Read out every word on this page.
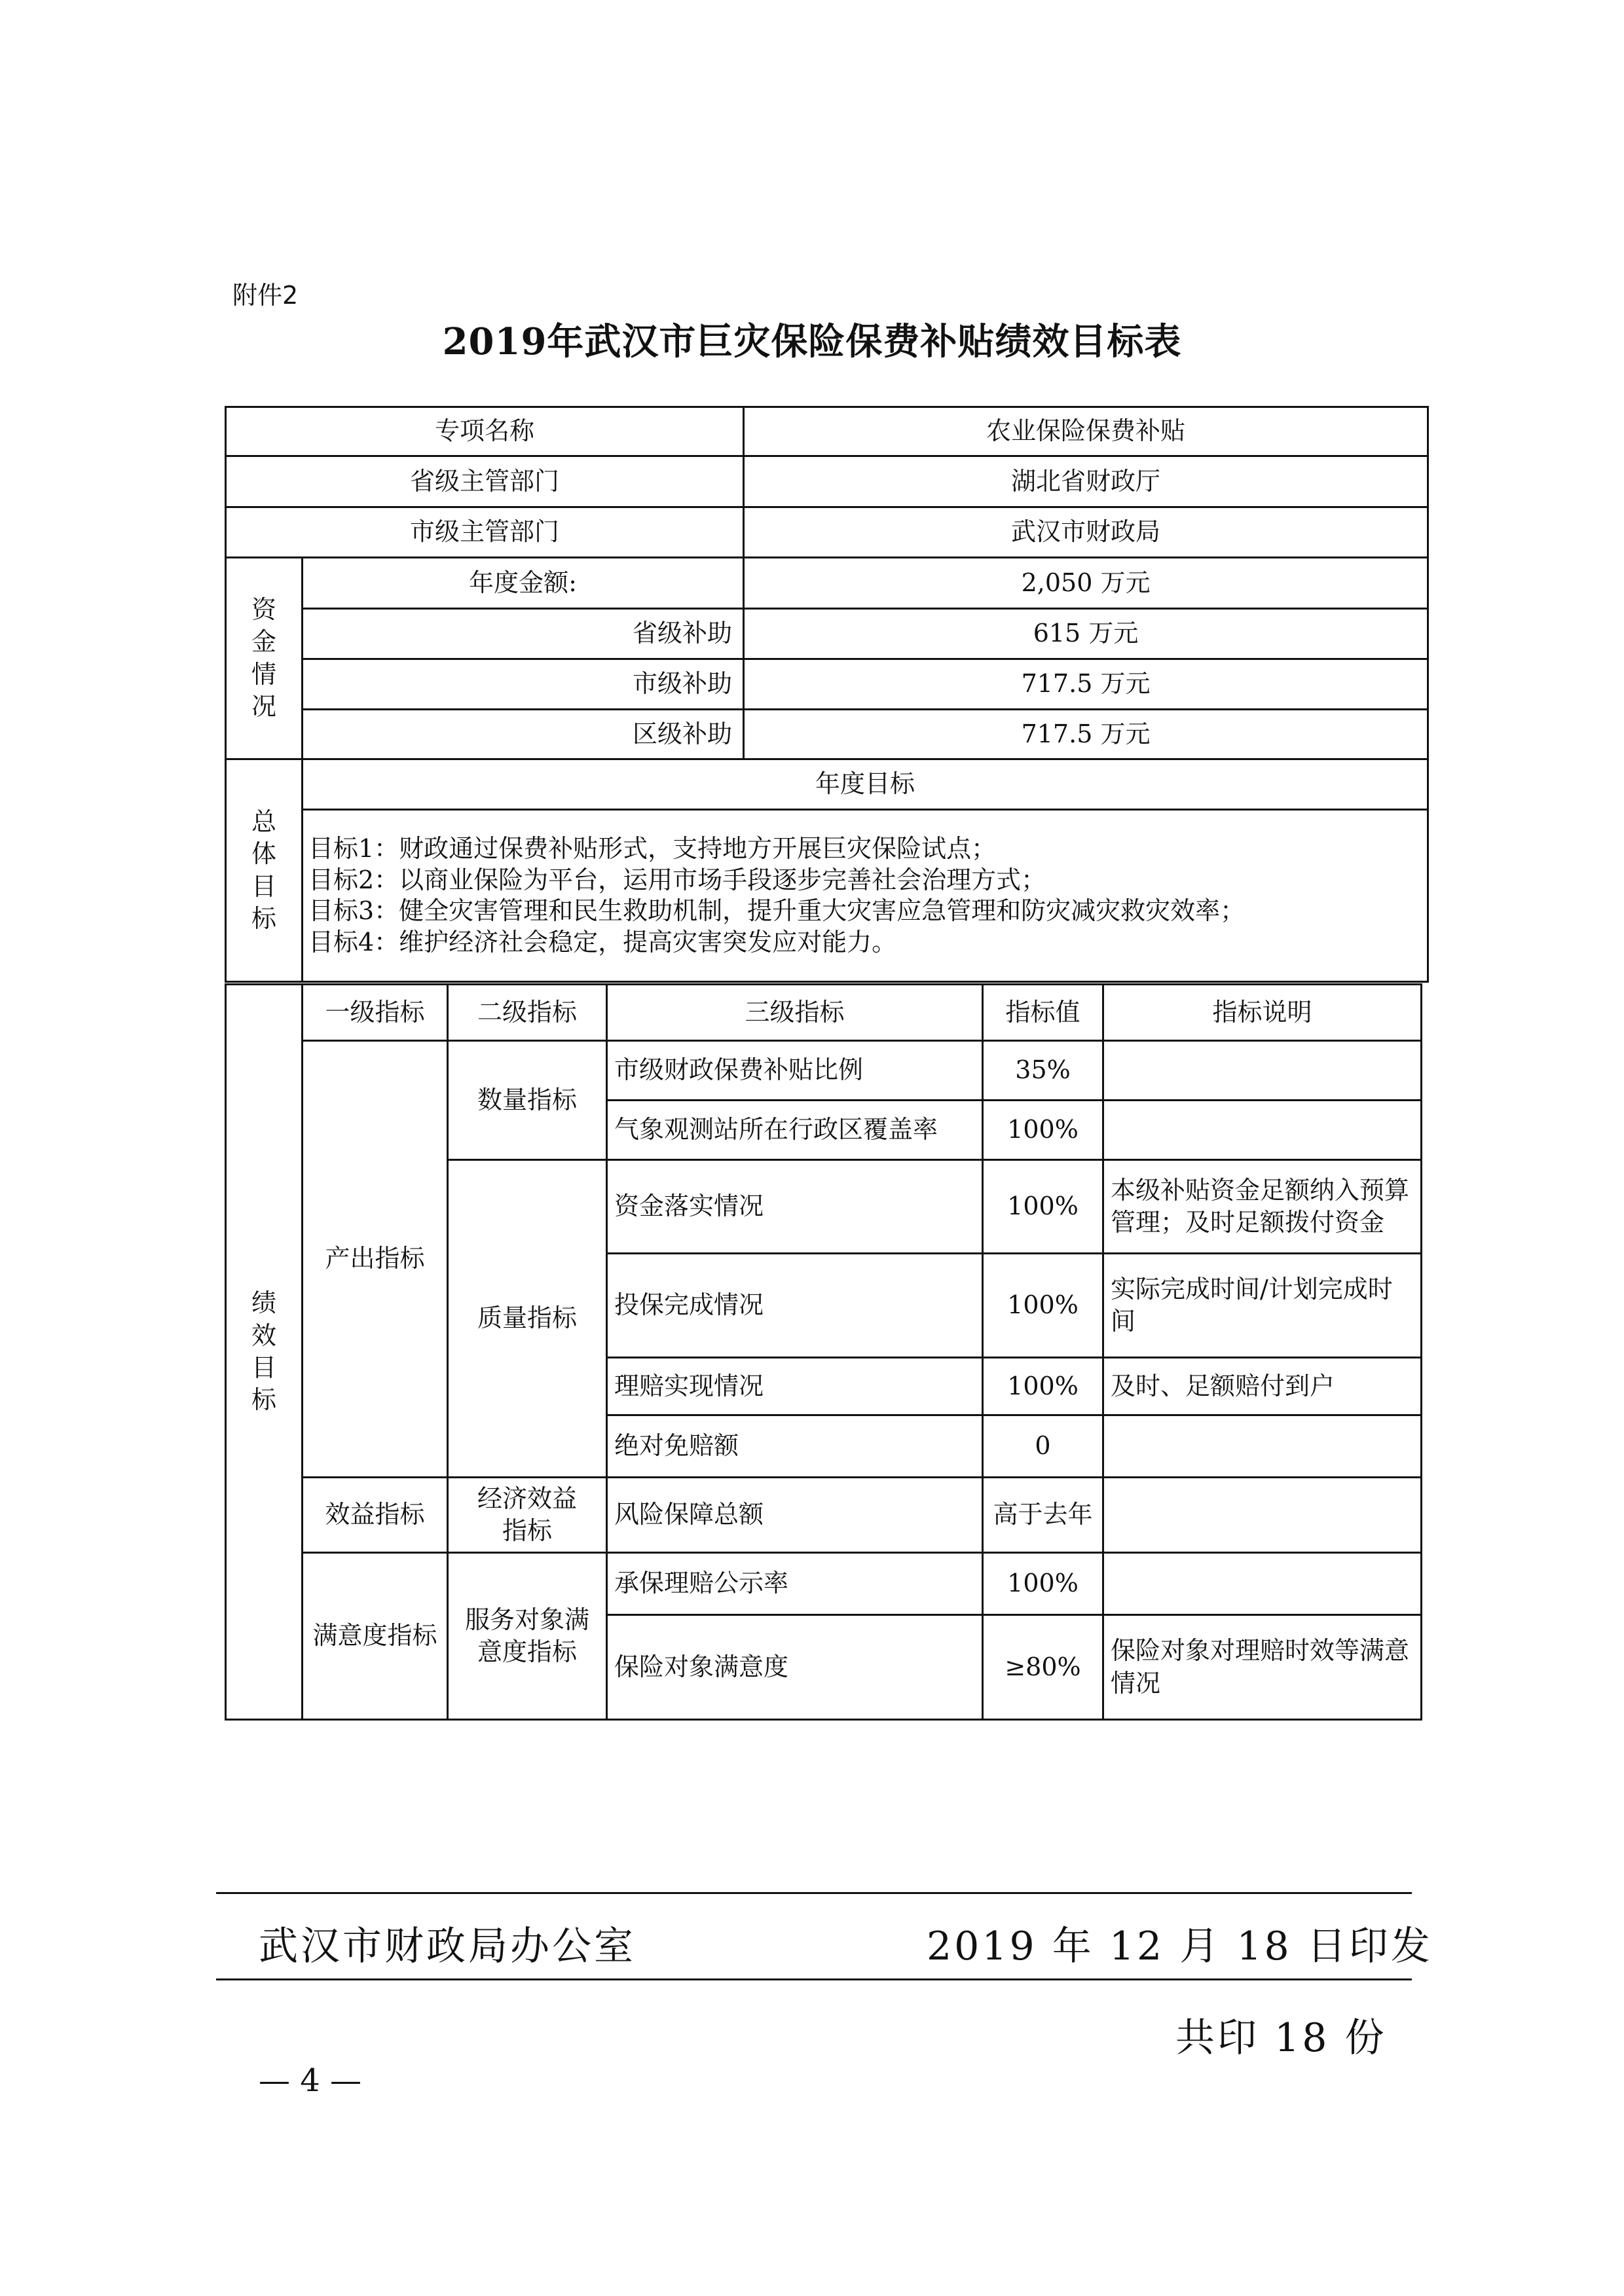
附件2
2019年武汉市巨灾保险保费补贴绩效目标表
专项名称		农业保险保费补贴
省级主管部门		湖北省财政厅
市级主管部门		武汉市财政局
资金情况	年度金额:	2,050 万元
	省级补助	615 万元
	市级补助	717.5 万元
	区级补助	717.5 万元
总体目标	年度目标	

	目标1：财政通过保费补贴形式，支持地方开展巨灾保险试点；
目标2：以商业保险为平台，运用市场手段逐步完善社会治理方式；
目标3：健全灾害管理和民生救助机制，提升重大灾害应急管理和防灾减灾救灾效率；
目标4：维护经济社会稳定，提高灾害突发应对能力。	
绩效目标	一级指标	二级指标	三级指标	指标值	指标说明
	产出指标	数量指标	市级财政保费补贴比例	35%	
			气象观测站所在行政区覆盖率	100%	
		质量指标	资金落实情况	100%	本级补贴资金足额纳入预算管理；及时足额拨付资金
			投保完成情况	100%	实际完成时间/计划完成时间
			理赔实现情况	100%	及时、足额赔付到户
			绝对免赔额	0	
	效益指标	经济效益指标	风险保障总额	高于去年	
	满意度指标	服务对象满意度指标	承保理赔公示率	100%	
			保险对象满意度	≥80%	保险对象对理赔时效等满意情况
武汉市财政局办公室	2019 年 12 月 18 日印发
共印 18 份
— 4 —
